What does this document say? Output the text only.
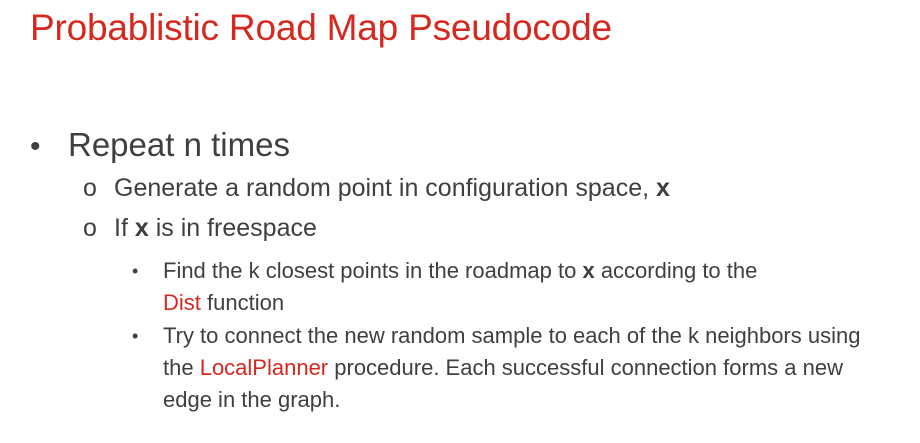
Probablistic Road Map Pseudocode
• Repeat n times
o Generate a random point in configuration space, x
o If x is in freespace
•	Find the k closest points in the roadmap to x according to the
Dist function
•	Try to connect the new random sample to each of the k neighbors using the LocalPlanner procedure. Each successful connection forms a new edge in the graph.
